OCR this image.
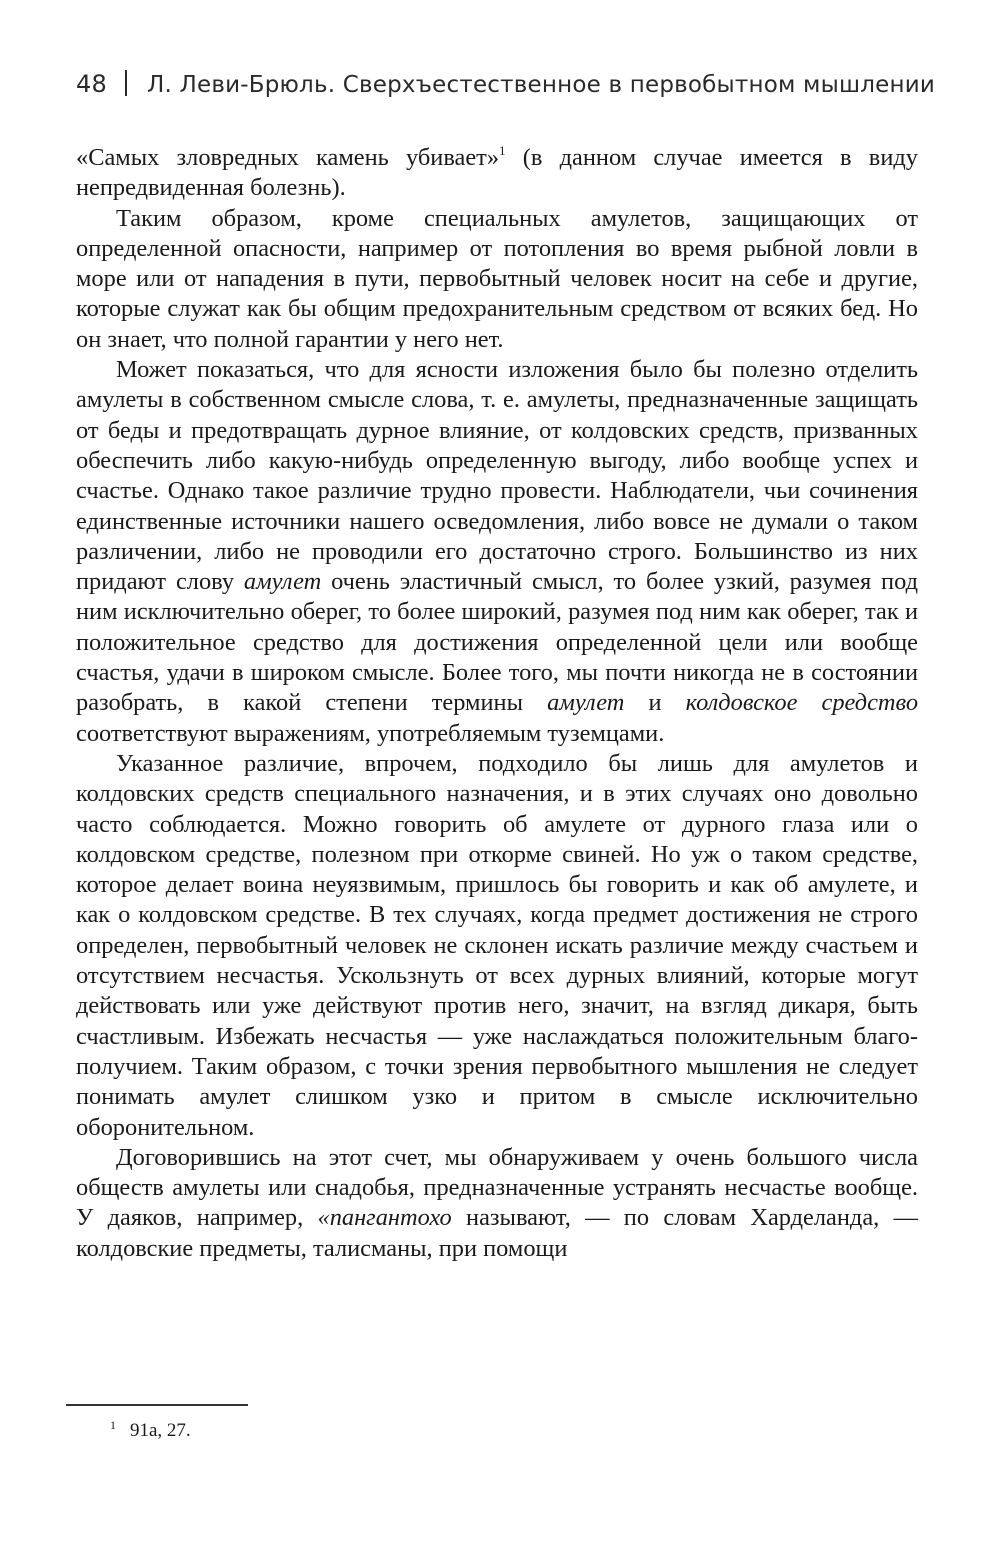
48 Л. Леви-Брюль. Сверхъестественное в первобытном мышлении

«Самых зловредных камень убивает»$^1$ (в данном случае имеется в виду непредвиденная болезнь).

Таким образом, кроме специальных амулетов, защищающих от определенной опасности, например от потопления во время рыбной ловли в море или от нападения в пути, первобытный человек носит на себе и другие, которые служат как бы общим предохранительным средством от всяких бед. Но он знает, что полной гарантии у него нет.

Может показаться, что для ясности изложения было бы полезно отделить амулеты в собственном смысле слова, т. е. амулеты, предназначенные защищать от беды и предотвращать дурное влияние, от колдовских средств, призванных обеспечить либо какую-нибудь определенную выгоду, либо вообще успех и счастье. Однако такое различие трудно провести. Наблюдатели, чьи сочинения единственные источники нашего осведомления, либо вовсе не думали о таком различении, либо не проводили его достаточно строго. Большинство из них придают слову амулет очень эластичный смысл, то более узкий, разумея под ним исключительно оберег, то более широкий, разумея под ним как оберег, так и положительное средство для достижения определенной цели или вообще счастья, удачи в широком смысле. Более того, мы почти никогда не в состоянии разобрать, в какой степени термины амулет и колдовское средство соответствуют выражениям, употребляемым туземцами.

Указанное различие, впрочем, подходило бы лишь для амулетов и колдовских средств специального назначения, и в этих случаях оно довольно часто соблюдается. Можно говорить об амулете от дурного глаза или о колдовском средстве, полезном при откорме свиней. Но уж о таком средстве, которое делает воина неуязвимым, пришлось бы говорить и как об амулете, и как о колдовском средстве. В тех случаях, когда предмет достижения не строго определен, первобытный человек не склонен искать различие между счастьем и отсутствием несчастья. Ускользнуть от всех дурных влияний, которые могут действовать или уже действуют против него, значит, на взгляд дикаря, быть счастливым. Избежать несчастья — уже наслаждаться положительным благополучием. Таким образом, с точки зрения первобытного мышления не следует понимать амулет слишком узко и притом в смысле исключительно оборонительном.

Договорившись на этот счет, мы обнаруживаем у очень большого числа обществ амулеты или снадобья, предназначенные устранять несчастье вообще. У даяков, например, «пангантохо называют, — по словам Харделанда, — колдовские предметы, талисманы, при помощи

$^1$ 91а, 27.
